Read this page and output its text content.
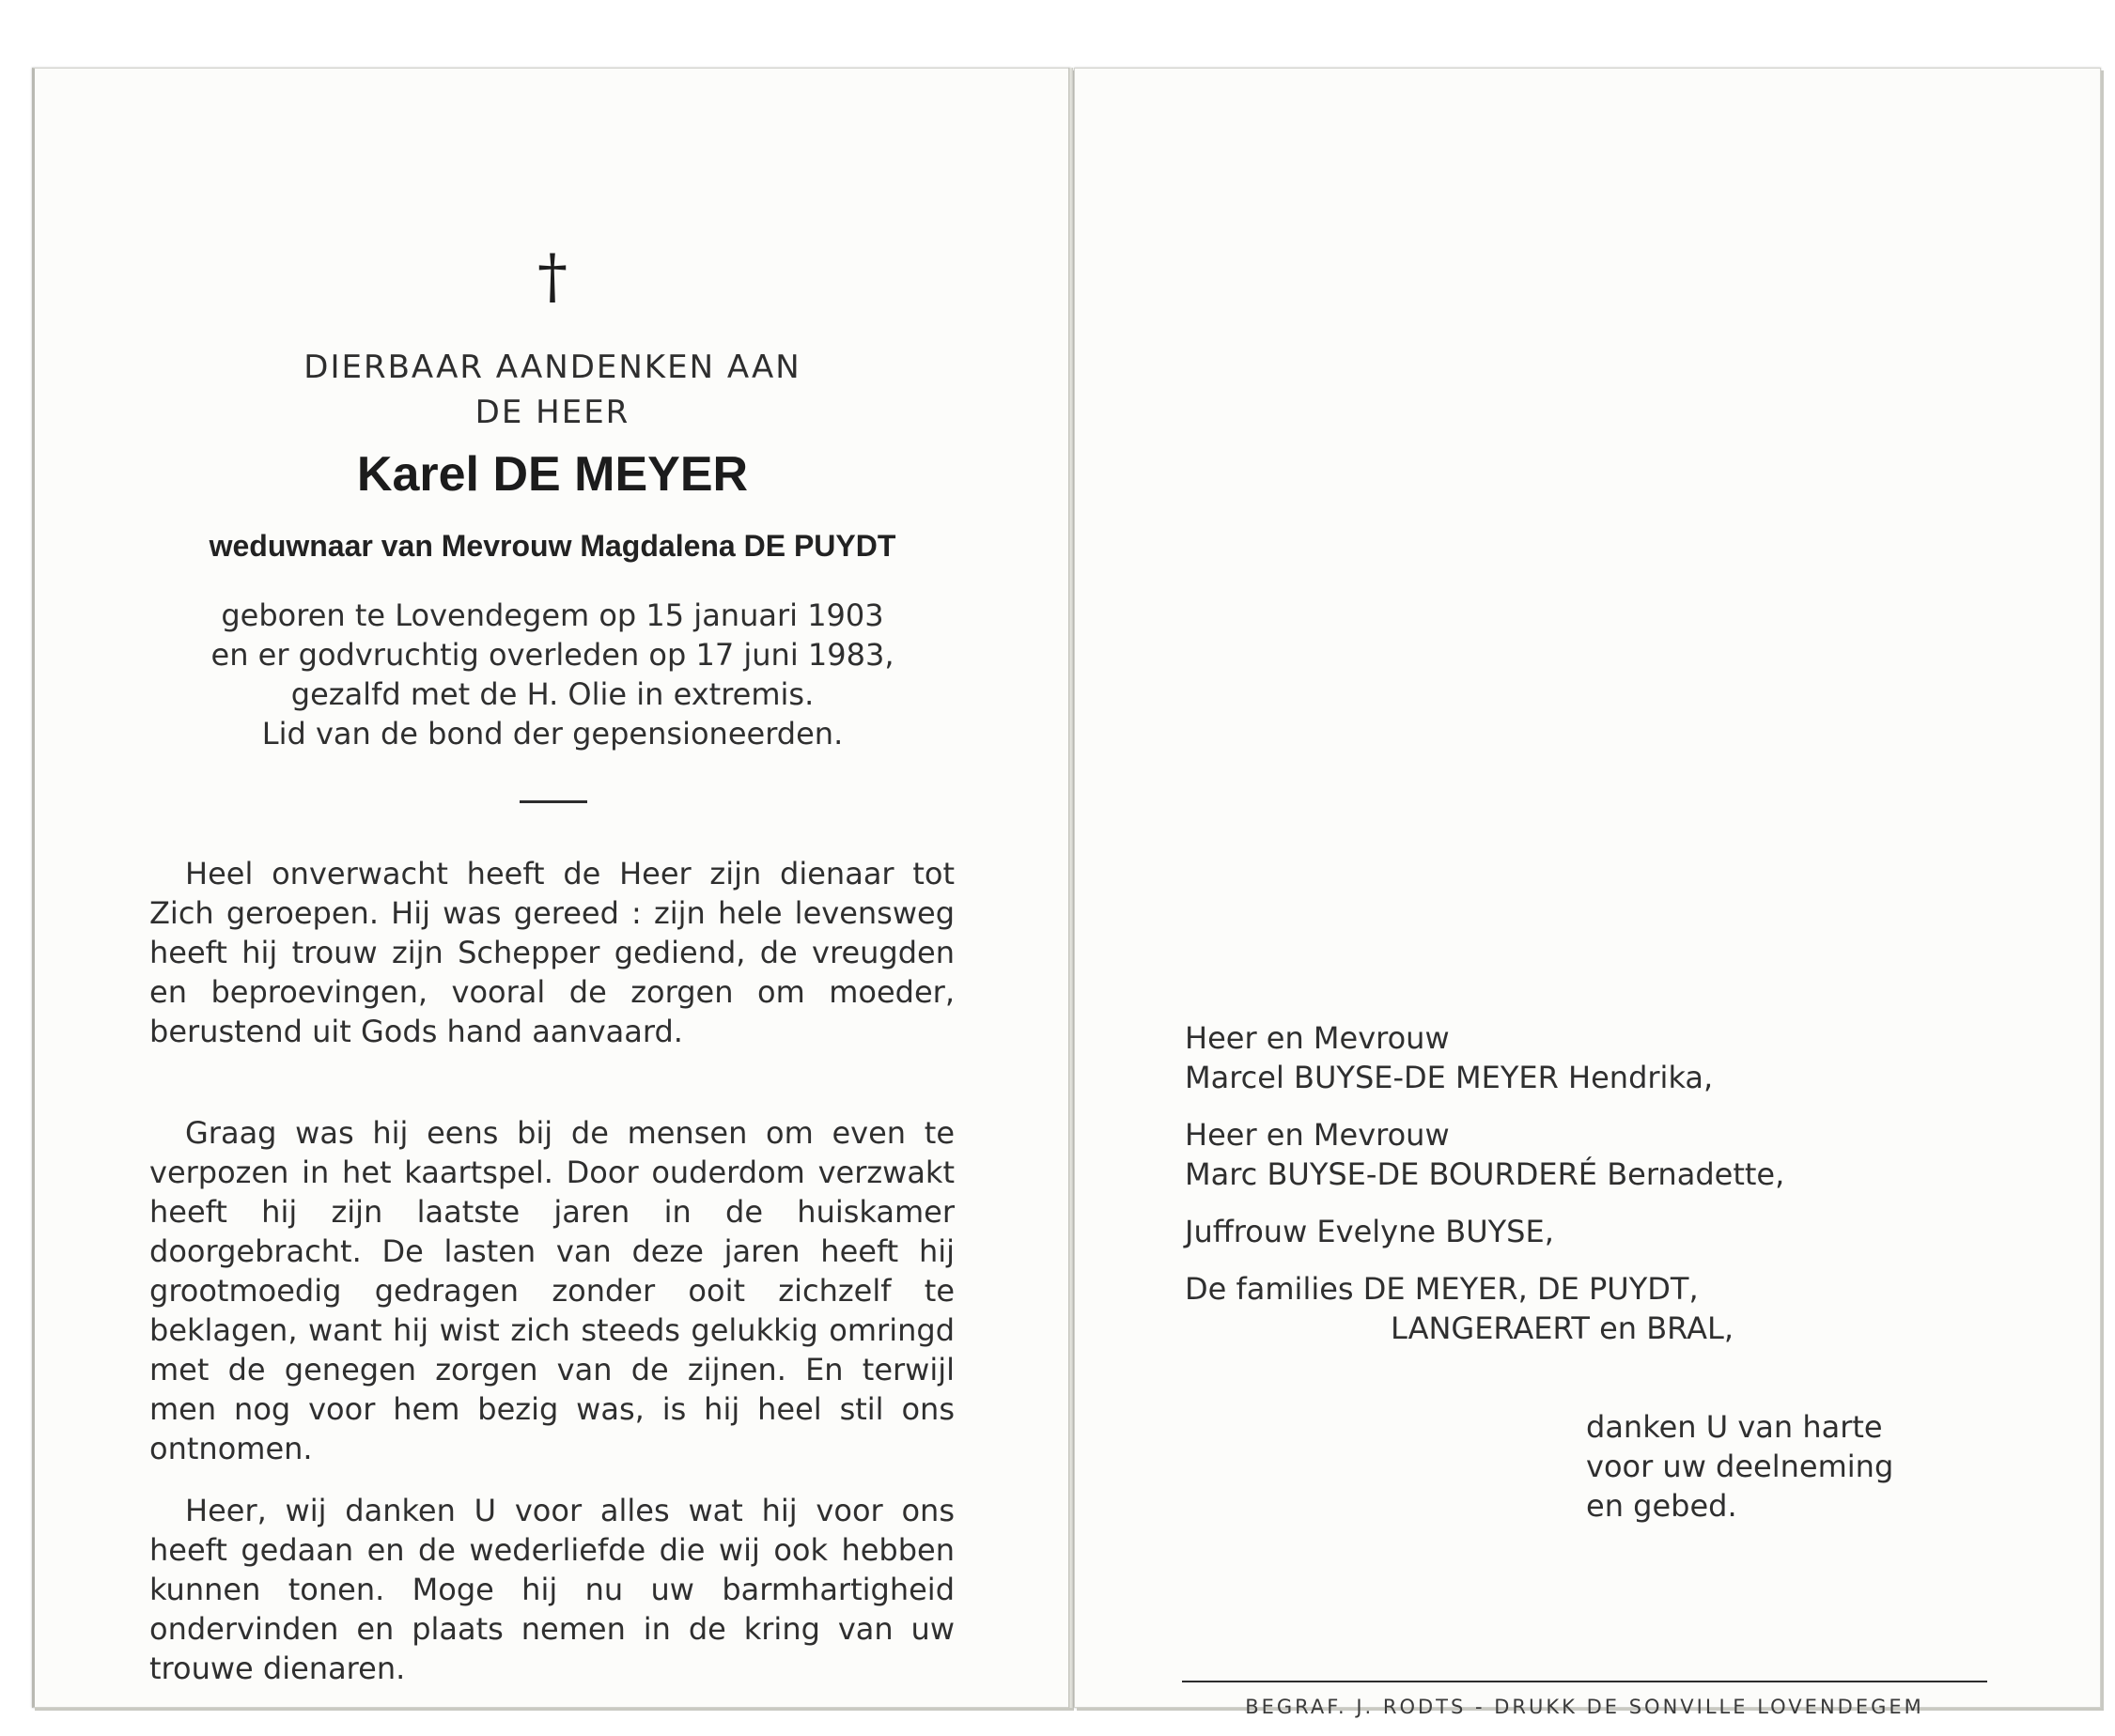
†
DIERBAAR AANDENKEN AAN
DE HEER
Karel DE MEYER
weduwnaar van Mevrouw Magdalena DE PUYDT
geboren te Lovendegem op 15 januari 1903
en er godvruchtig overleden op 17 juni 1983,
gezalfd met de H. Olie in extremis.
Lid van de bond der gepensioneerden.

Heel onverwacht heeft de Heer zijn dienaar tot Zich geroepen. Hij was gereed : zijn hele levensweg heeft hij trouw zijn Schepper gediend, de vreugden en beproevingen, vooral de zorgen om moeder, berustend uit Gods hand aanvaard.

Graag was hij eens bij de mensen om even te verpozen in het kaartspel. Door ouderdom verzwakt heeft hij zijn laatste jaren in de huiskamer doorgebracht. De lasten van deze jaren heeft hij grootmoedig gedragen zonder ooit zichzelf te beklagen, want hij wist zich steeds gelukkig omringd met de genegen zorgen van de zijnen. En terwijl men nog voor hem bezig was, is hij heel stil ons ontnomen.

Heer, wij danken U voor alles wat hij voor ons heeft gedaan en de wederliefde die wij ook hebben kunnen tonen. Moge hij nu uw barmhartigheid ondervinden en plaats nemen in de kring van uw trouwe dienaren.

Heer en Mevrouw
Marcel BUYSE-DE MEYER Hendrika,
Heer en Mevrouw
Marc BUYSE-DE BOURDERÉ Bernadette,
Juffrouw Evelyne BUYSE,
De families DE MEYER, DE PUYDT,
LANGERAERT en BRAL,
danken U van harte
voor uw deelneming
en gebed.
BEGRAF. J. RODTS - DRUKK DE SONVILLE LOVENDEGEM
